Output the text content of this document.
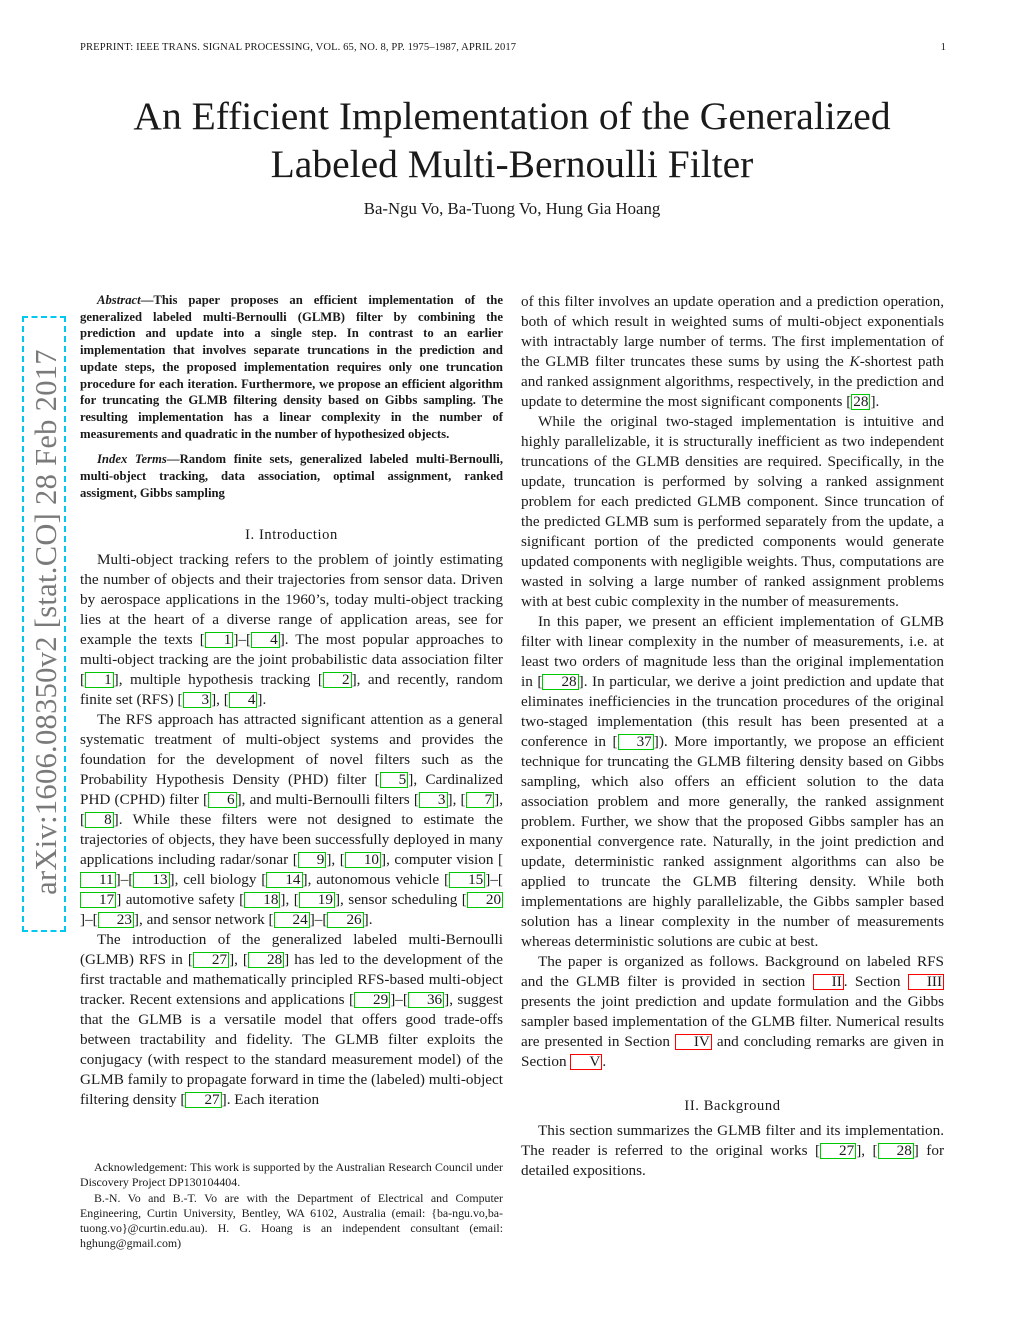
PREPRINT: IEEE TRANS. SIGNAL PROCESSING, VOL. 65, NO. 8, PP. 1975–1987, APRIL 2017	1
An Efficient Implementation of the Generalized
Labeled Multi-Bernoulli Filter
Ba-Ngu Vo, Ba-Tuong Vo, Hung Gia Hoang
arXiv:1606.08350v2 [stat.CO] 28 Feb 2017

Abstract—This paper proposes an efficient implementation of the generalized labeled multi-Bernoulli (GLMB) filter by combining the prediction and update into a single step. In contrast to an earlier implementation that involves separate truncations in the prediction and update steps, the proposed implementation requires only one truncation procedure for each iteration. Furthermore, we propose an efficient algorithm for truncating the GLMB filtering density based on Gibbs sampling. The resulting implementation has a linear complexity in the number of measurements and quadratic in the number of hypothesized objects.

Index Terms—Random finite sets, generalized labeled multi-Bernoulli, multi-object tracking, data association, optimal assignment, ranked assigment, Gibbs sampling

I. Introduction

Multi-object tracking refers to the problem of jointly estimating the number of objects and their trajectories from sensor data. Driven by aerospace applications in the 1960’s, today multi-object tracking lies at the heart of a diverse range of application areas, see for example the texts [ 1 ]–[ 4 ]. The most popular approaches to multi-object tracking are the joint probabilistic data association filter [ 1 ], multiple hypothesis tracking [ 2 ], and recently, random finite set (RFS) [ 3 ], [ 4 ].

The RFS approach has attracted significant attention as a general systematic treatment of multi-object systems and provides the foundation for the development of novel filters such as the Probability Hypothesis Density (PHD) filter [ 5 ], Cardinalized PHD (CPHD) filter [ 6 ], and multi-Bernoulli filters [ 3 ], [ 7 ], [ 8 ]. While these filters were not designed to estimate the trajectories of objects, they have been successfully deployed in many applications including radar/sonar [ 9 ], [ 10 ], computer vision [11 ]–[ 13 ], cell biology [ 14 ], autonomous vehicle [ 15 ]–[17 ] automotive safety [ 18 ], [ 19 ], sensor scheduling [ 20]–[ 23 ], and sensor network [ 24 ]–[ 26 ].

The introduction of the generalized labeled multi-Bernoulli (GLMB) RFS in [ 27 ], [ 28 ] has led to the development of the first tractable and mathematically principled RFS-based multi-object tracker. Recent extensions and applications [ 29 ]–[ 36 ], suggest that the GLMB is a versatile model that offers good trade-offs between tractability and fidelity. The GLMB filter exploits the conjugacy (with respect to the standard measurement model) of the GLMB family to propagate forward in time the (labeled) multi-object filtering density [ 27 ]. Each iteration

Acknowledgement: This work is supported by the Australian Research Council under Discovery Project DP130104404.

B.-N. Vo and B.-T. Vo are with the Department of Electrical and Computer Engineering, Curtin University, Bentley, WA 6102, Australia (email: {ba-ngu.vo,ba-tuong.vo}@curtin.edu.au). H. G. Hoang is an independent consultant (email: hghung@gmail.com)

of this filter involves an update operation and a prediction operation, both of which result in weighted sums of multi-object exponentials with intractably large number of terms. The first implementation of the GLMB filter truncates these sums by using the K-shortest path and ranked assignment algorithms, respectively, in the prediction and update to determine the most significant components [ 28 ].

While the original two-staged implementation is intuitive and highly parallelizable, it is structurally inefficient as two independent truncations of the GLMB densities are required. Specifically, in the update, truncation is performed by solving a ranked assignment problem for each predicted GLMB component. Since truncation of the predicted GLMB sum is performed separately from the update, a significant portion of the predicted components would generate updated components with negligible weights. Thus, computations are wasted in solving a large number of ranked assignment problems with at best cubic complexity in the number of measurements.

In this paper, we present an efficient implementation of GLMB filter with linear complexity in the number of measurements, i.e. at least two orders of magnitude less than the original implementation in [ 28 ]. In particular, we derive a joint prediction and update that eliminates inefficiencies in the truncation procedures of the original two-staged implementation (this result has been presented at a conference in [ 37 ]). More importantly, we propose an efficient technique for truncating the GLMB filtering density based on Gibbs sampling, which also offers an efficient solution to the data association problem and more generally, the ranked assignment problem. Further, we show that the proposed Gibbs sampler has an exponential convergence rate. Naturally, in the joint prediction and update, deterministic ranked assignment algorithms can also be applied to truncate the GLMB filtering density. While both implementations are highly parallelizable, the Gibbs sampler based solution has a linear complexity in the number of measurements whereas deterministic solutions are cubic at best.

The paper is organized as follows. Background on labeled RFS and the GLMB filter is provided in section II . Section III presents the joint prediction and update formulation and the Gibbs sampler based implementation of the GLMB filter. Numerical results are presented in Section IV and concluding remarks are given in Section V .

II. Background

This section summarizes the GLMB filter and its implementation. The reader is referred to the original works [ 27 ], [ 28 ] for detailed expositions.
